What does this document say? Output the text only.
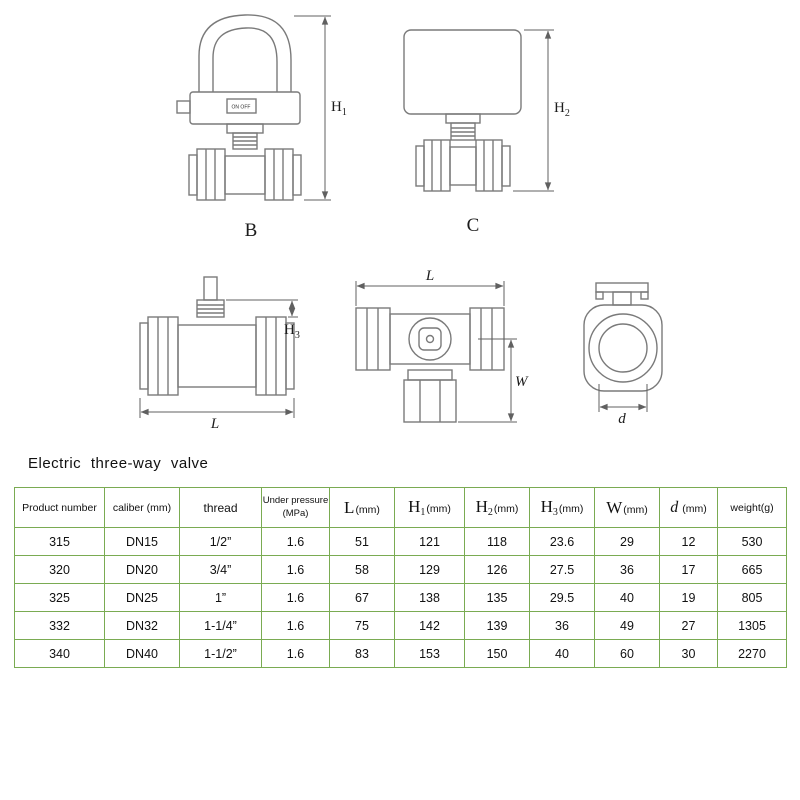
ON OFF	$H_1$
B
$H_2$
C
$H_3$
L
L
W
d
Electric three-way valve
Product number	caliber (mm)	thread	Under pressure
(MPa)	L(mm)	$H_1(mm)$	$H_2(mm)$	$H_3(mm)$	W(mm)	d (mm)	weight(g)
315	DN15	1/2”	1.6	51	121	118	23.6	29	12	530
320	DN20	3/4”	1.6	58	129	126	27.5	36	17	665
325	DN25	1”	1.6	67	138	135	29.5	40	19	805
332	DN32	1-1/4”	1.6	75	142	139	36	49	27	1305
340	DN40	1-1/2”	1.6	83	153	150	40	60	30	2270
